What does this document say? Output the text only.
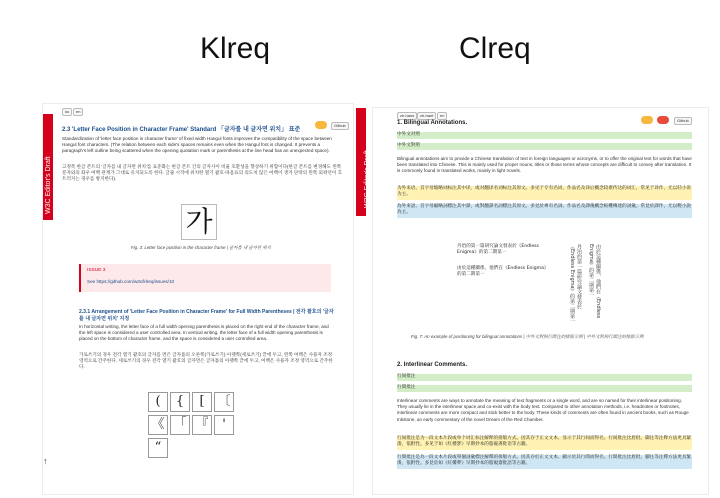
Klreq	Clreq
W3C Editor's Draft
ko	en
Github
2.3 'Letter Face Position in Character Frame' Standard 「글자를 내 글자면 위치」 표준
Standardization of 'letter face position in character frame' of fixed width Hangul fonts improves the compatibility of the space between Hangul font characters. (The relation between each side's spaces remains even when the Hangul font is changed. It prevents a paragraph's left outline being scattered when the opening quotation mark or parenthesis at the line head has an unexpected space).
고정폭 한글 폰트의 '글자를 내 글자면 위치'를 표준화는 한글 폰트 간의 글자사이 비율 호환성을 향상하기 위함이다(한글 폰트를 변경해도 왼쪽문자와의 좌우 여백 관계가 그대로 유지되도록 한다. 글줄 시작에 위치한 열기 괄호·따옴표의 의도치 않은 여백이 생겨 단락의 왼쪽 외곽선이 흐트러지는 경우를 방지한다).
가
Fig. 3: Letter face position in the character frame | 글자를 내 글자면 위치
ISSUE 3
See https://github.com/w3c/klreq/issues/10
2.3.1 Arrangement of 'Letter Face Position in Character Frame' for Full Width Parentheses | 전각 괄호의 '글자를 내 글자면 위치' 지정
In horizontal writing, the letter face of a full width opening parenthesis is placed on the right end of the character frame, and the left space is considered a user controlled area. In vertical writing, the letter face of a full width opening parenthesis is placed on the bottom of character frame, and the space is considered a user controlled area.
가로쓰기의 경우 전각 열기 괄호의 글자를 면은 글자틀의 오른쪽(가로쓰기)·아랫쪽(세로쓰기) 끝에 두고, 왼쪽 여백은 사용자 조정 영역으로 간주한다. 세로쓰기의 경우 전각 열기 괄호의 글자면은 글자틀의 아랫쪽 끝에 두고, 여백은 사용자 조정 영역으로 간주한다.
(	{	[ 〔
《 「 『	'
“
↑
W3C Editor's Draft
zh-hans	zh-hant	en
Github
1. Bilingual Annotations.
中外文对照
中外文對照
Bilingual annotations aim to provide a Chinese translation of text in foreign languages or acronyms, or to offer the original text for words that have been translated into Chinese. This is mainly used for proper nouns, titles or those terms whose concepts are difficult to convey after translation. It is commonly found in translated works, mainly in light novels.
为外来语、首字母缩略词标注其中译，或对翻译名词标注其原文。多见于专有名词、作品名及译后概念较难传达的词汇，常见于译作，尤以轻小说为主。
為外來語、首字母縮略詞標注其中譯，或對翻譯名詞標注其原文。多見於專有名詞、作品名及譯後概念較難傳達的詞彙。常見於譯作，尤以輕小說為主。
丹治的第一篇研究論文發表於《Endless Enigma》的第二期第一
由於這種關係，他們在《Endless Enigma》的第二期第一	丹治的第一篇研究論文發表於《Endless Enigma》的第二期第一	由於這種關係，他們在《Endless Enigma》的第二期第一
Fig. 7: An example of positioning for bilingual annotations | 中外文對照行間注的排版示例 | 中外文對照行間注的排版示例
2. Interlinear Comments.
行间批注
行間批注
Interlinear comments are ways to annotate the meaning of text fragments or a single word, and are so named for their interlinear positioning. They usually lie in the interlinear space and co-exist with the body text. Compared to other annotation methods, i.e. headnotes or footnotes, interlinear comments are more compact and stick better to the body. These kinds of comments are often found in ancient books, such as Rouge Inkstone, an early commentary of the novel Dream of the Red Chamber.
行间批注是为一段文本片段或单个词汇标注解释的排版方式。因其存于正文文本、显示于其行间而得名。行间批注比眉批、脚注等注释方法更具紧凑，依附性。多见于如《红楼梦》早期抄本的脂砚斋批语等古籍。
行間批注是為一段文本片段或單個詞彙標注解釋的排版方式。因其存於正文文本、顯示於其行間而得名。行間批注比眉批、腳注等注釋方法更具緊湊，依附性。多見於如《紅樓夢》早期抄本的脂硯齋批語等古籍。
